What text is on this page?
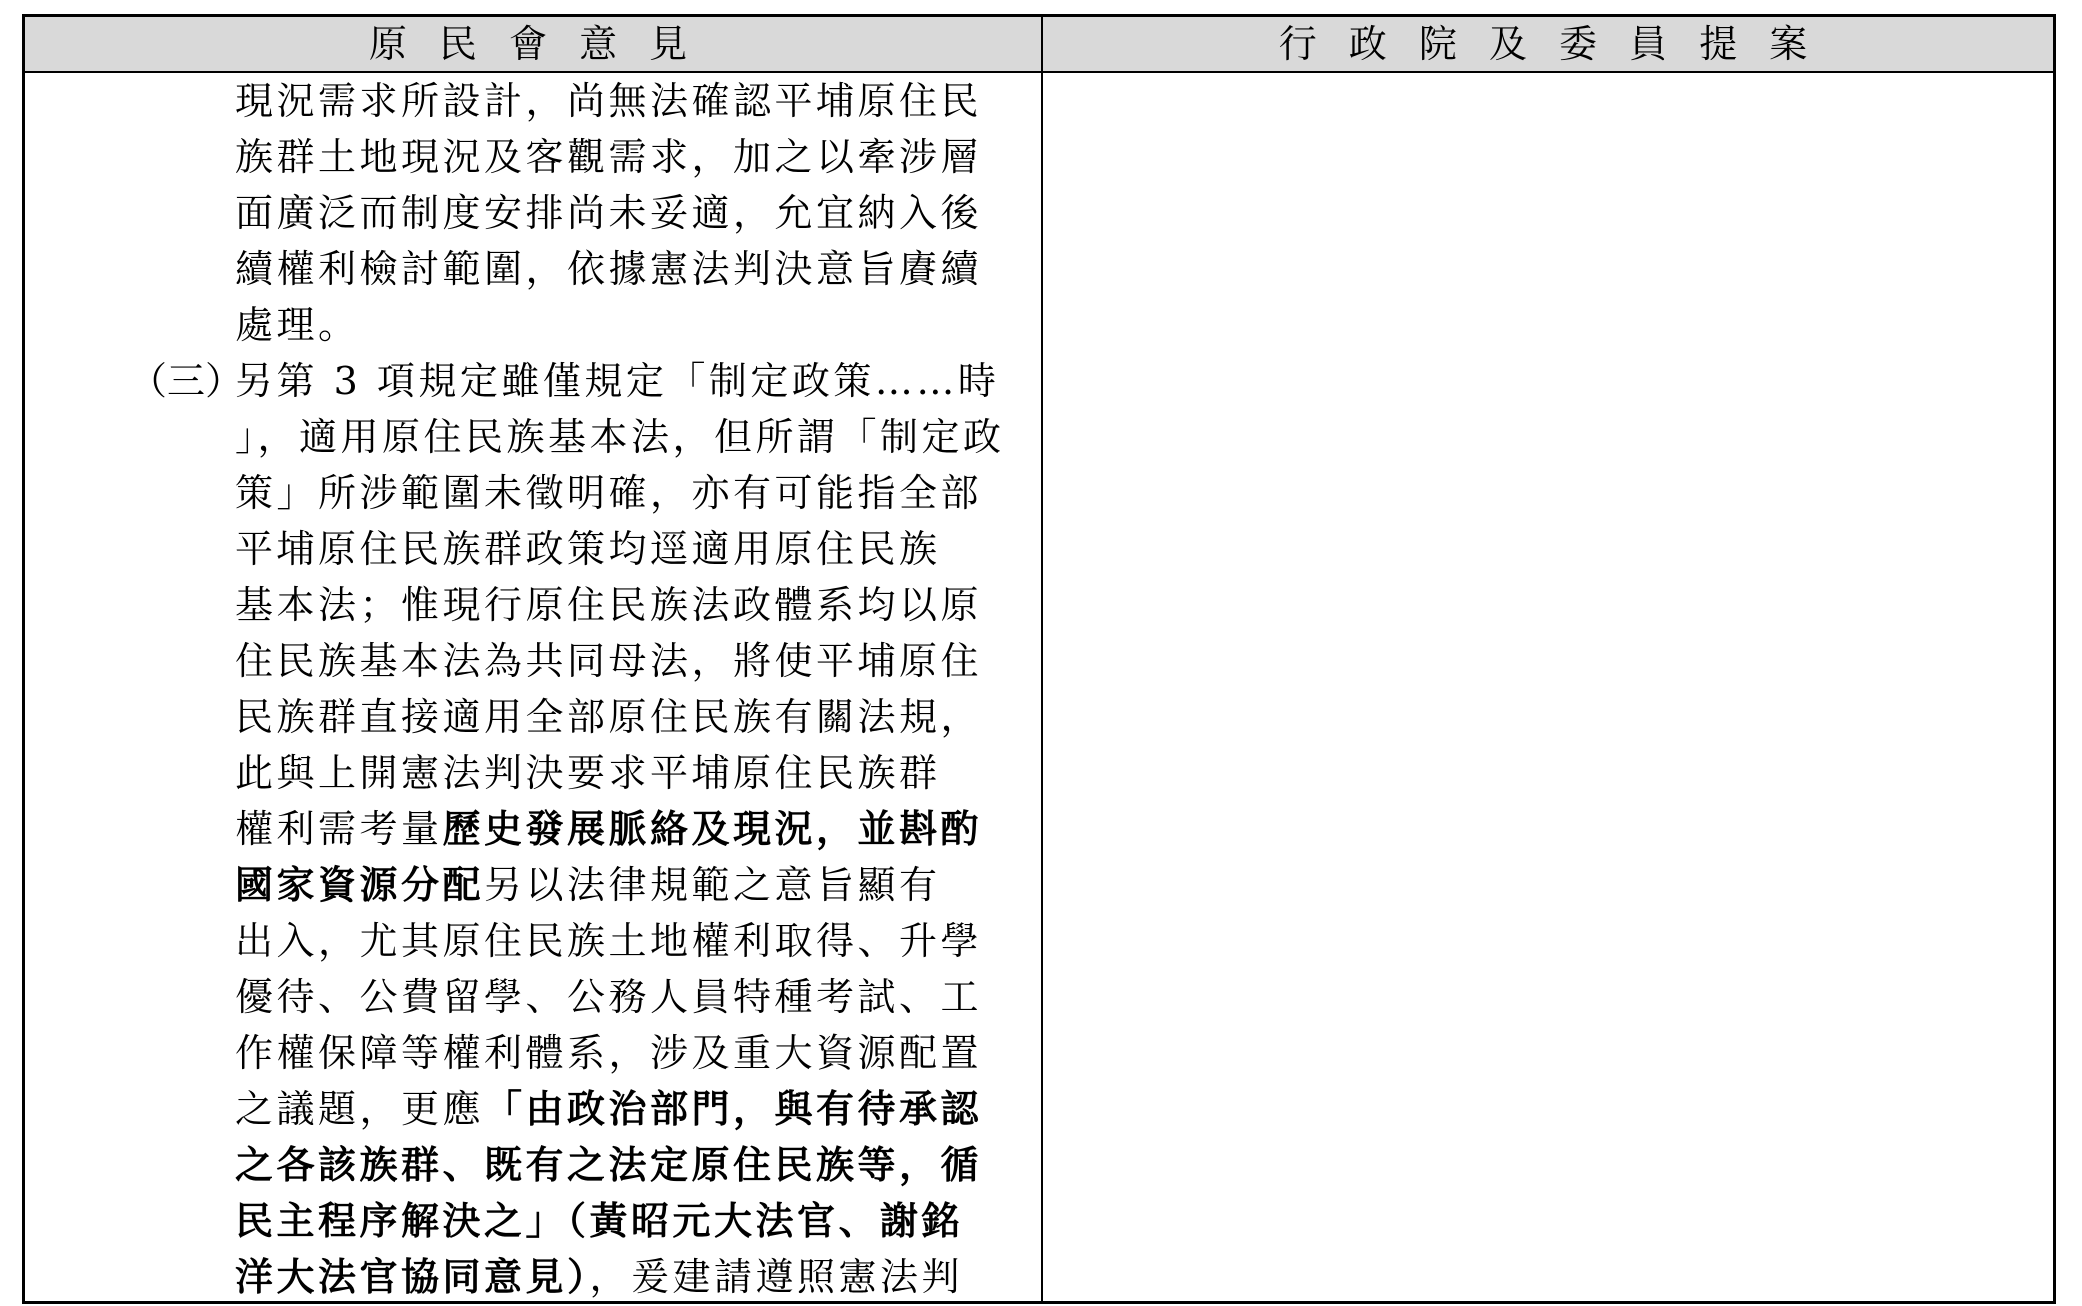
原 民 會 意 見	行 政 院 及 委 員 提 案
現況需求所設計，尚無法確認平埔原住民
族群土地現況及客觀需求，加之以牽涉層
面廣泛而制度安排尚未妥適，允宜納入後
續權利檢討範圍，依據憲法判決意旨賡續
處理。
（三）
另第 3 項規定雖僅規定「制定政策……時
」，適用原住民族基本法，但所謂「制定政
策」所涉範圍未徵明確，亦有可能指全部
平埔原住民族群政策均逕適用原住民族
基本法；惟現行原住民族法政體系均以原
住民族基本法為共同母法，將使平埔原住
民族群直接適用全部原住民族有關法規，
此與上開憲法判決要求平埔原住民族群
權利需考量歷史發展脈絡及現況，並斟酌
國家資源分配另以法律規範之意旨顯有
出入，尤其原住民族土地權利取得、升學
優待、公費留學、公務人員特種考試、工
作權保障等權利體系，涉及重大資源配置
之議題，更應「由政治部門，與有待承認
之各該族群、既有之法定原住民族等，循
民主程序解決之」（黃昭元大法官、謝銘
洋大法官協同意見），爰建請遵照憲法判
